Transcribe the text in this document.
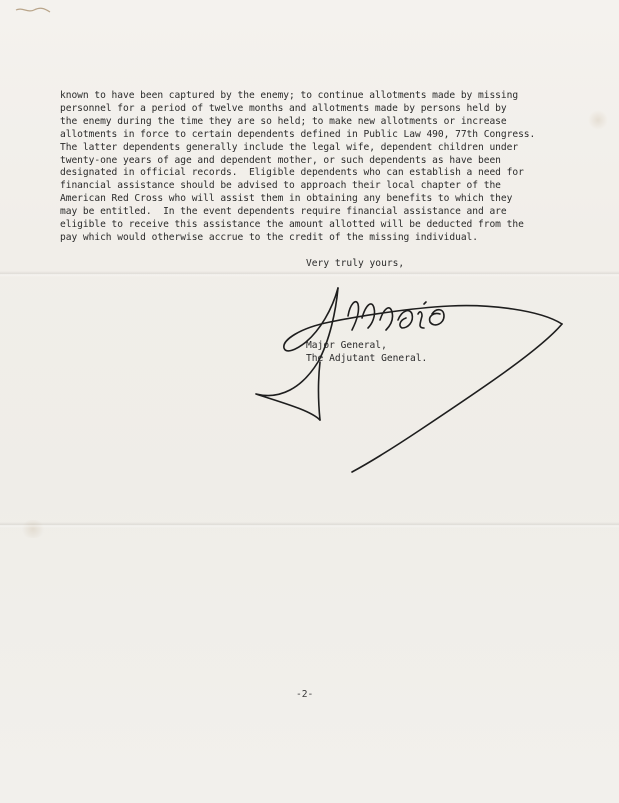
known to have been captured by the enemy; to continue allotments made by missing
personnel for a period of twelve months and allotments made by persons held by
the enemy during the time they are so held; to make new allotments or increase
allotments in force to certain dependents defined in Public Law 490, 77th Congress.
The latter dependents generally include the legal wife, dependent children under
twenty-one years of age and dependent mother, or such dependents as have been
designated in official records.  Eligible dependents who can establish a need for
financial assistance should be advised to approach their local chapter of the
American Red Cross who will assist them in obtaining any benefits to which they
may be entitled.  In the event dependents require financial assistance and are
eligible to receive this assistance the amount allotted will be deducted from the
pay which would otherwise accrue to the credit of the missing individual.
Very truly yours,
Major General,
The Adjutant General.
-2-
